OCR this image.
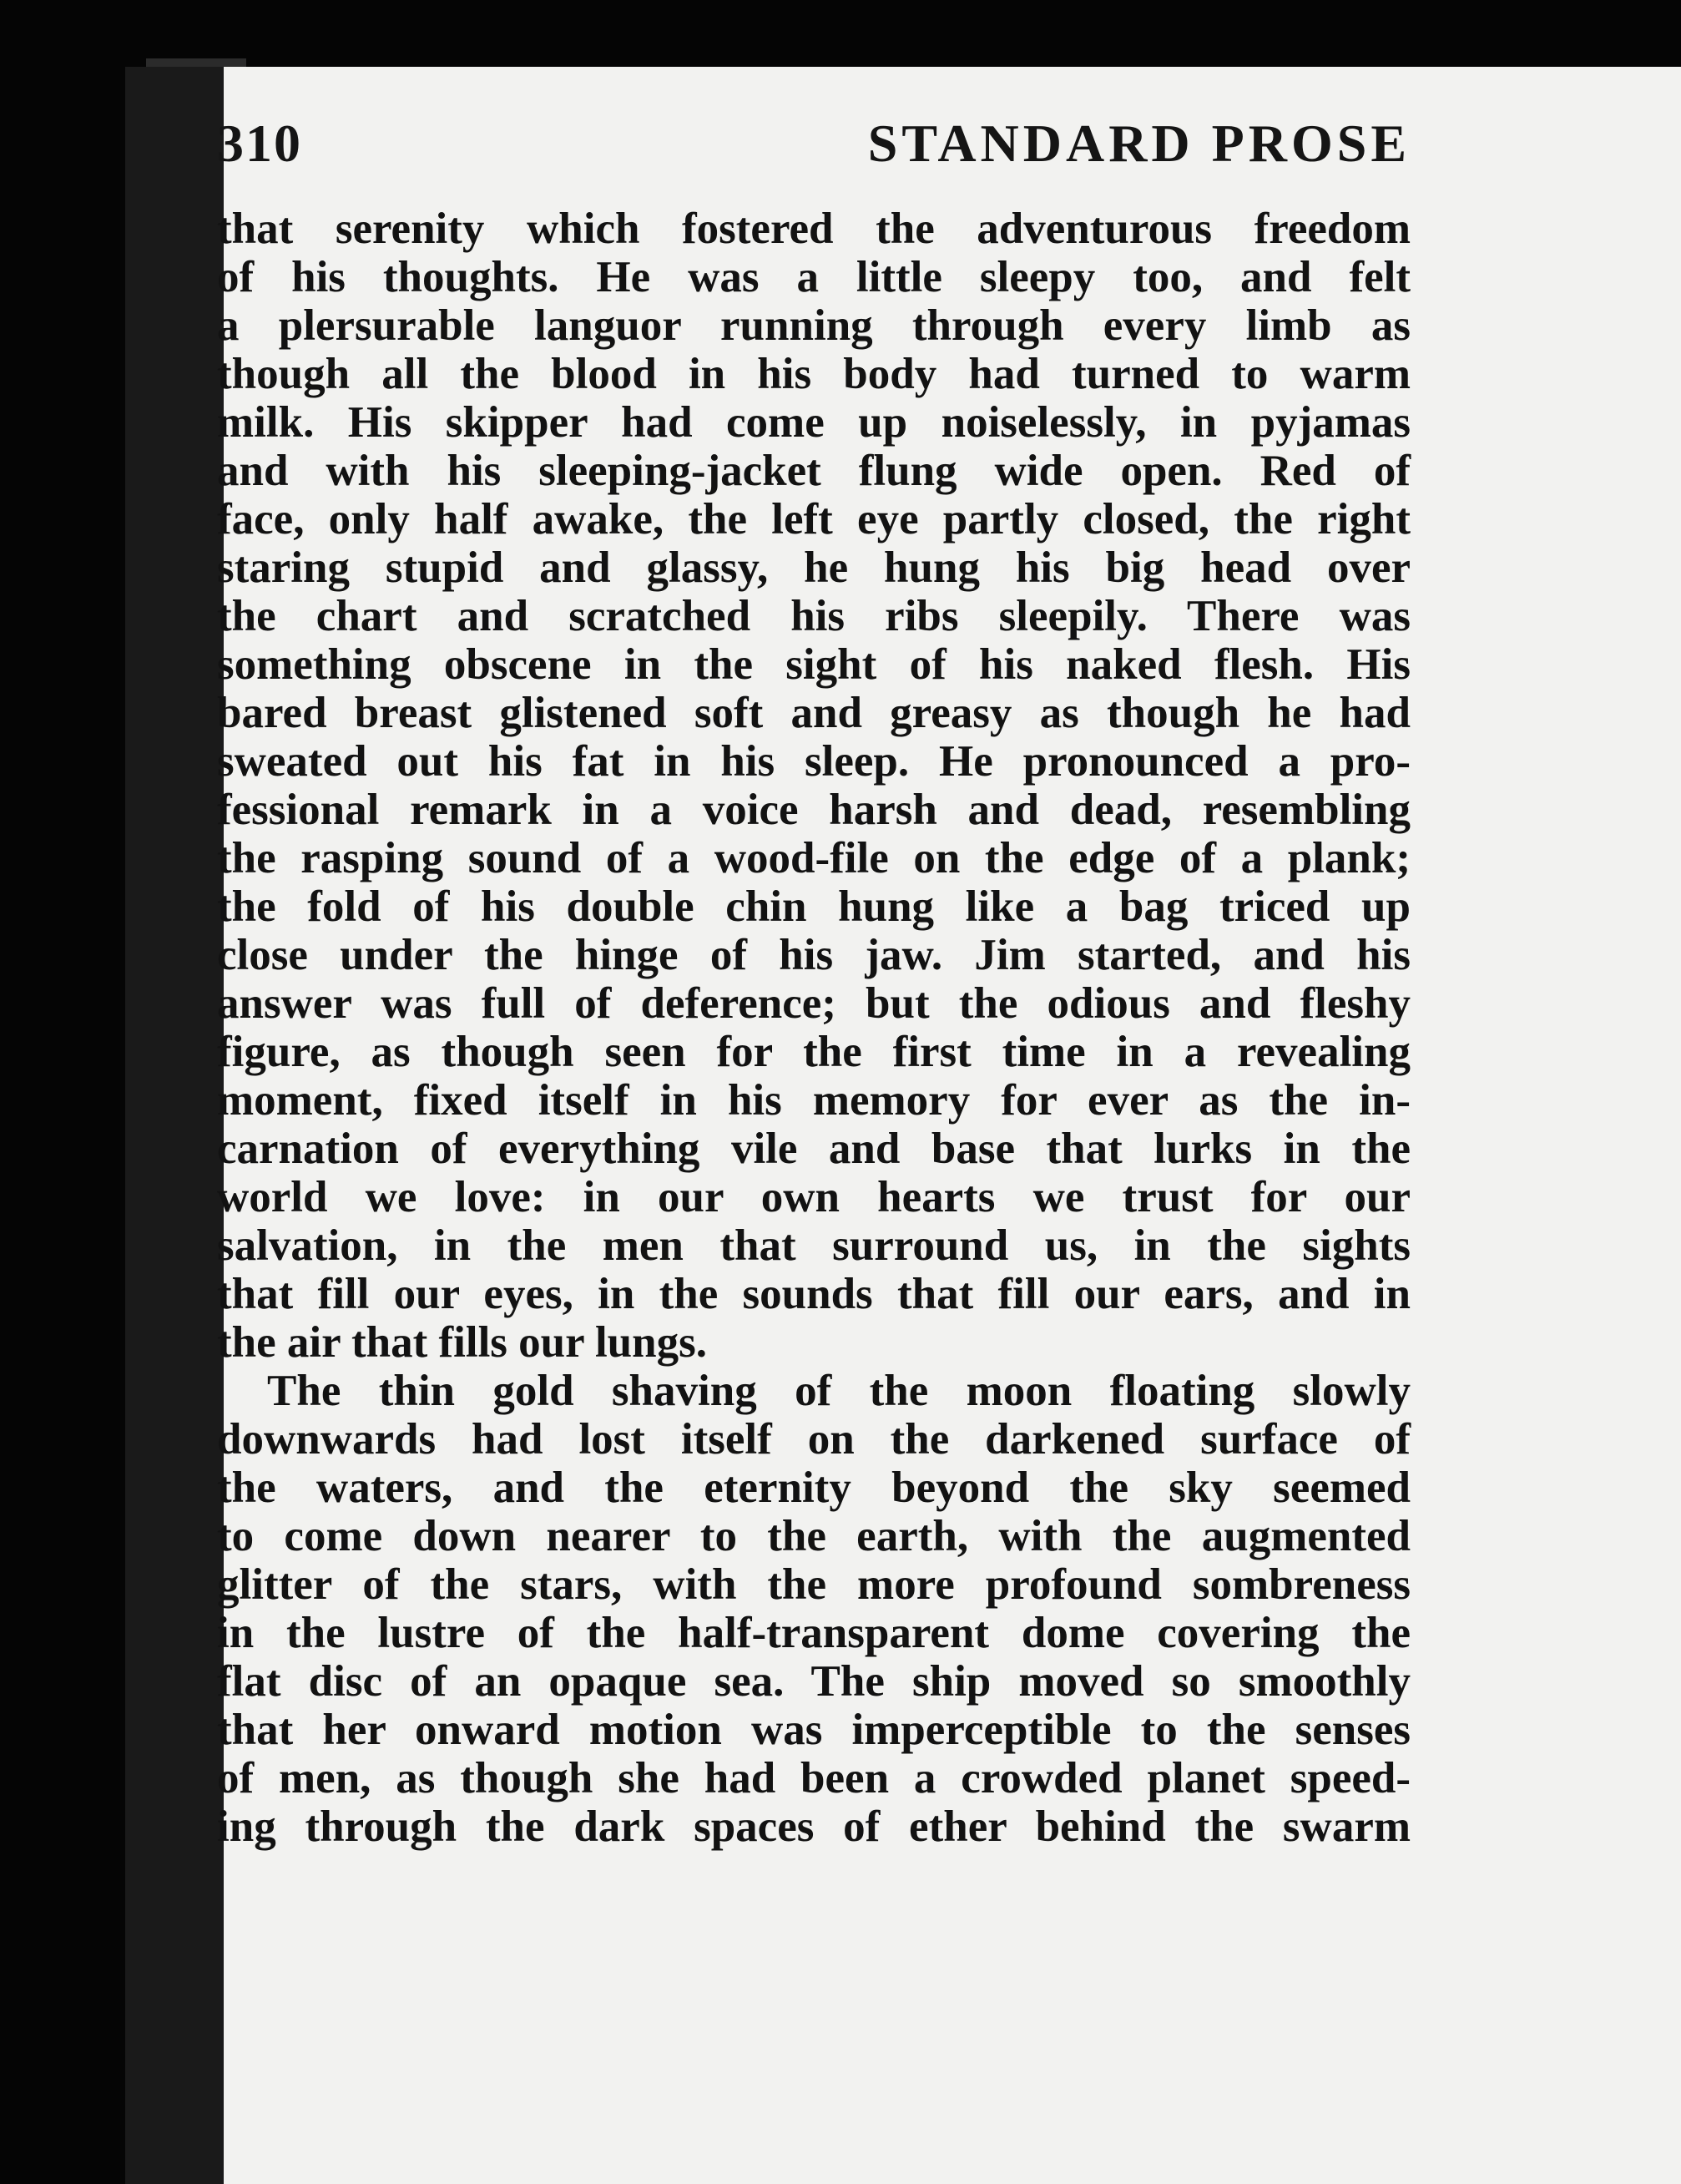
310	STANDARD PROSE
that serenity which fostered the adventurous freedom
of his thoughts. He was a little sleepy too, and felt
a plersurable languor running through every limb as
though all the blood in his body had turned to warm
milk. His skipper had come up noiselessly, in pyjamas
and with his sleeping-jacket flung wide open. Red of
face, only half awake, the left eye partly closed, the right
staring stupid and glassy, he hung his big head over
the chart and scratched his ribs sleepily. There was
something obscene in the sight of his naked flesh. His
bared breast glistened soft and greasy as though he had
sweated out his fat in his sleep. He pronounced a pro-
fessional remark in a voice harsh and dead, resembling
the rasping sound of a wood-file on the edge of a plank;
the fold of his double chin hung like a bag triced up
close under the hinge of his jaw. Jim started, and his
answer was full of deference; but the odious and fleshy
figure, as though seen for the first time in a revealing
moment, fixed itself in his memory for ever as the in-
carnation of everything vile and base that lurks in the
world we love: in our own hearts we trust for our
salvation, in the men that surround us, in the sights
that fill our eyes, in the sounds that fill our ears, and in
the air that fills our lungs.
The thin gold shaving of the moon floating slowly
downwards had lost itself on the darkened surface of
the waters, and the eternity beyond the sky seemed
to come down nearer to the earth, with the augmented
glitter of the stars, with the more profound sombreness
in the lustre of the half-transparent dome covering the
flat disc of an opaque sea. The ship moved so smoothly
that her onward motion was imperceptible to the senses
of men, as though she had been a crowded planet speed-
ing through the dark spaces of ether behind the swarm
